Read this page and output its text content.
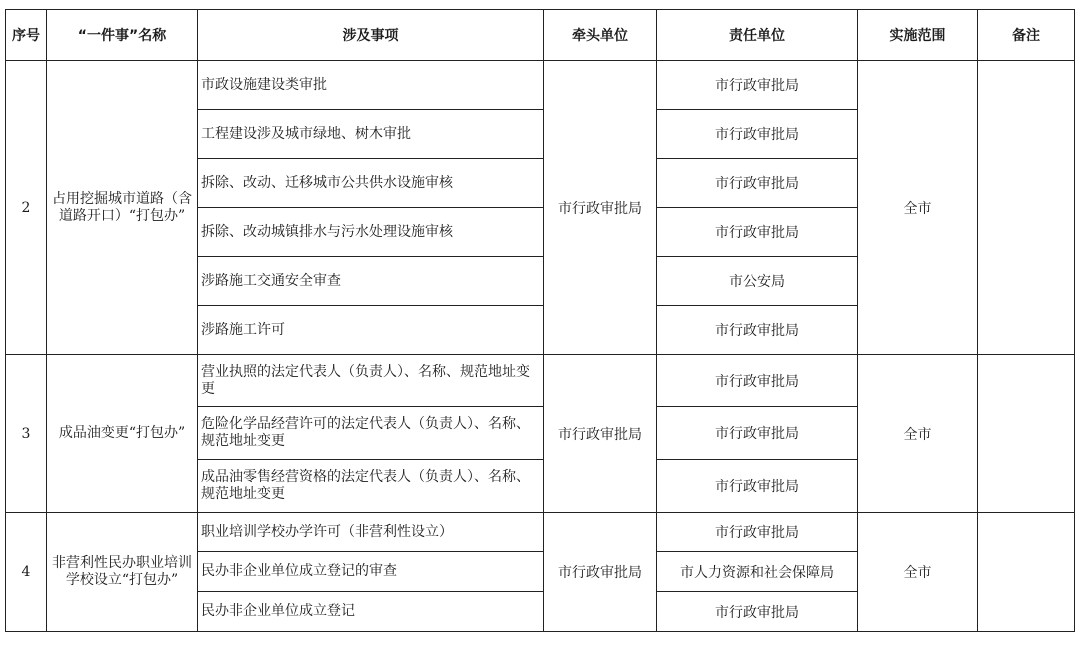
序号	“一件事”名称	涉及事项	牵头单位	责任单位	实施范围	备注
2	占用挖掘城市道路（含道路开口）“打包办”	市政设施建设类审批	市行政审批局	市行政审批局	全市	
		工程建设涉及城市绿地、树木审批		市行政审批局		
		拆除、改动、迁移城市公共供水设施审核		市行政审批局		
		拆除、改动城镇排水与污水处理设施审核		市行政审批局		
		涉路施工交通安全审查		市公安局		
		涉路施工许可		市行政审批局		
3	成品油变更“打包办”	营业执照的法定代表人（负责人）、名称、规范地址变更	市行政审批局	市行政审批局	全市	
		危险化学品经营许可的法定代表人（负责人）、名称、规范地址变更		市行政审批局		
		成品油零售经营资格的法定代表人（负责人）、名称、规范地址变更		市行政审批局		
4	非营利性民办职业培训学校设立“打包办”	职业培训学校办学许可（非营利性设立）	市行政审批局	市行政审批局	全市	
		民办非企业单位成立登记的审查		市人力资源和社会保障局		
		民办非企业单位成立登记		市行政审批局		
